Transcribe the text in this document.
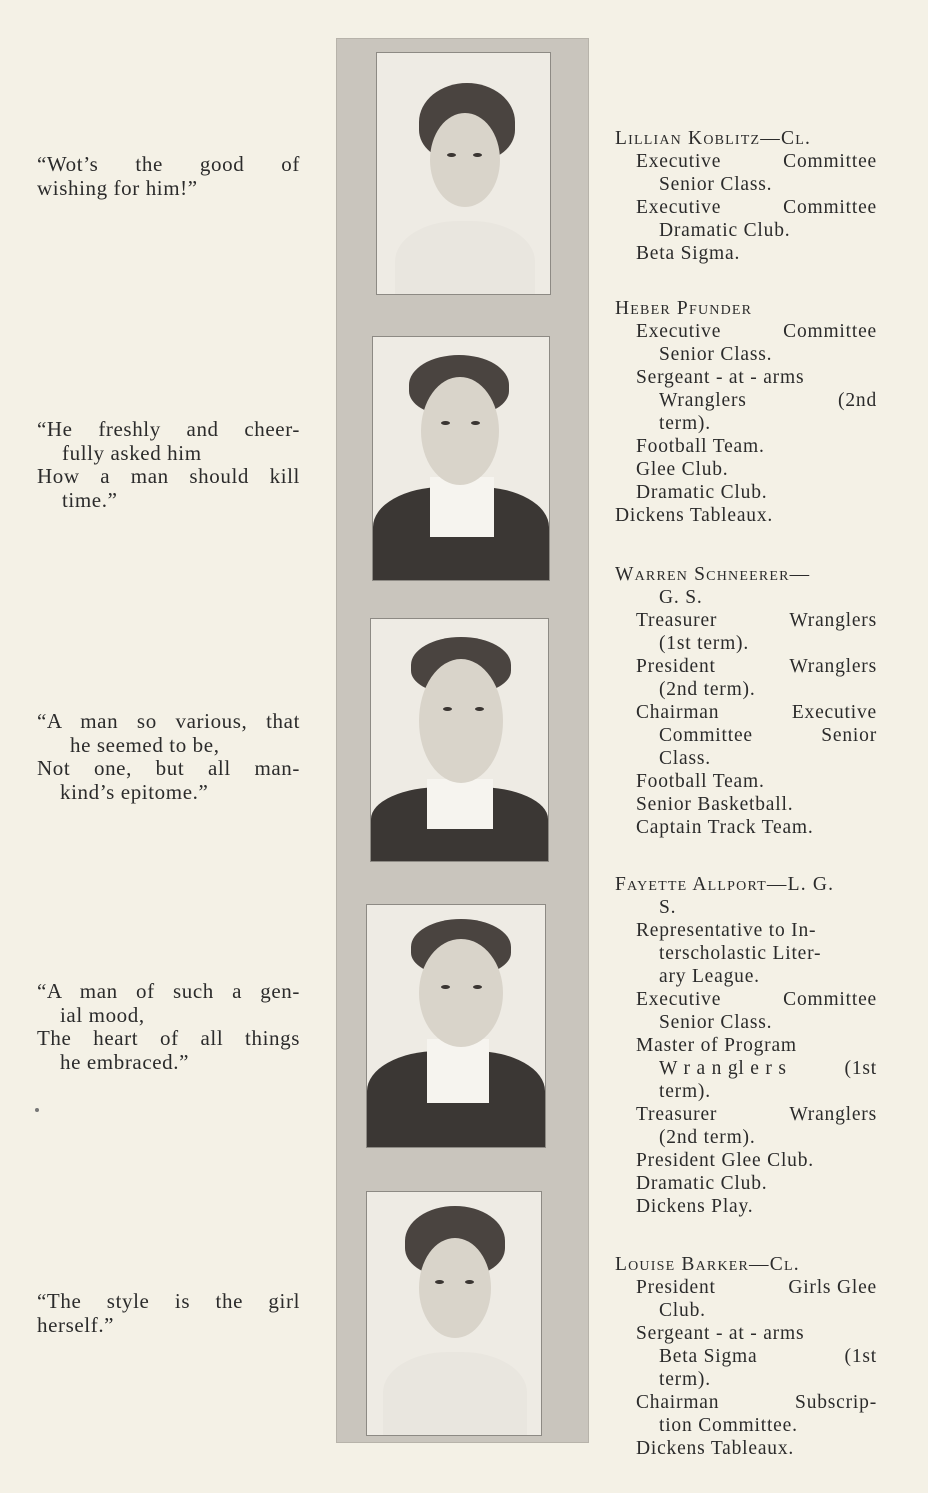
“Wot’s the good of
wishing for him!”
“He freshly and cheer-
fully asked him
How a man should kill
time.”
“A man so various, that
he seemed to be,
Not one, but all man-
kind’s epitome.”
“A man of such a gen-
ial mood,
The heart of all things
he embraced.”
“The style is the girl
herself.”
Lillian Koblitz—Cl.
Executive	Committee
Senior Class.
Executive	Committee
Dramatic Club.
Beta Sigma.
Heber Pfunder
Executive	Committee
Senior Class.
Sergeant - at - arms
Wranglers	(2nd
term).
Football Team.
Glee Club.
Dramatic Club.
Dickens Tableaux.
Warren Schneerer—
G. S.
Treasurer	Wranglers
(1st term).
President	Wranglers
(2nd term).
Chairman	Executive
Committee	Senior
Class.
Football Team.
Senior Basketball.
Captain Track Team.
Fayette Allport—L. G.
S.
Representative to In-
terscholastic Liter-
ary League.
Executive	Committee
Senior Class.
Master of Program
W r a n gl e r s	(1st
term).
Treasurer	Wranglers
(2nd term).
President Glee Club.
Dramatic Club.
Dickens Play.
Louise Barker—Cl.
President	Girls Glee
Club.
Sergeant - at - arms
Beta Sigma	(1st
term).
Chairman	Subscrip-
tion Committee.
Dickens Tableaux.
